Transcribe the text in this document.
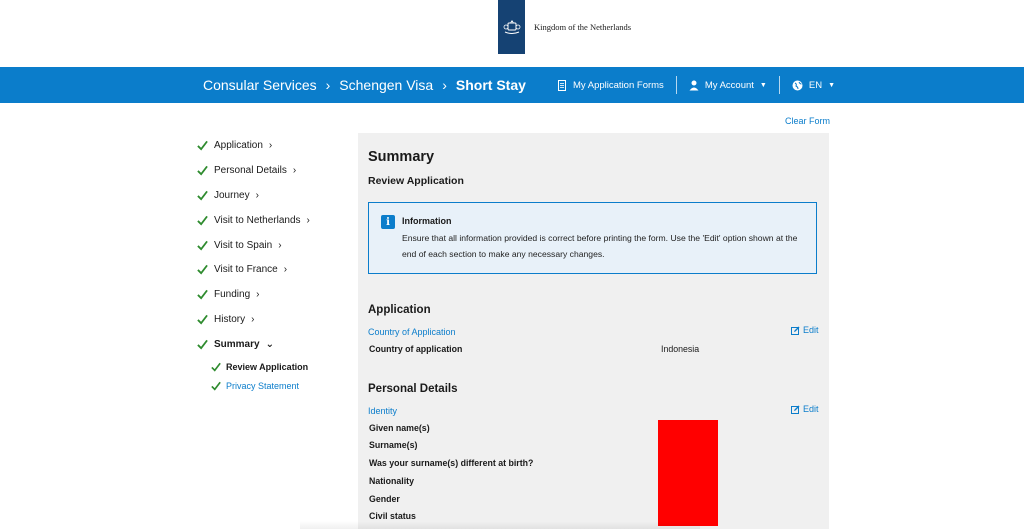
Kingdom of the Netherlands
Consular Services › Schengen Visa › Short Stay	My Application Forms	My Account ▼	EN ▼
Clear Form
Application ›
Personal Details ›
Journey ›
Visit to Netherlands ›
Visit to Spain ›
Visit to France ›
Funding ›
History ›
Summary ⌄
Review Application
Privacy Statement
Summary
Review Application
i	Information
Ensure that all information provided is correct before printing the form. Use the 'Edit' option shown at the end of each section to make any necessary changes.
Application
Country of Application	Edit
Country of application	Indonesia
Personal Details
Identity	Edit
Given name(s)
Surname(s)
Was your surname(s) different at birth?
Nationality
Gender
Civil status
